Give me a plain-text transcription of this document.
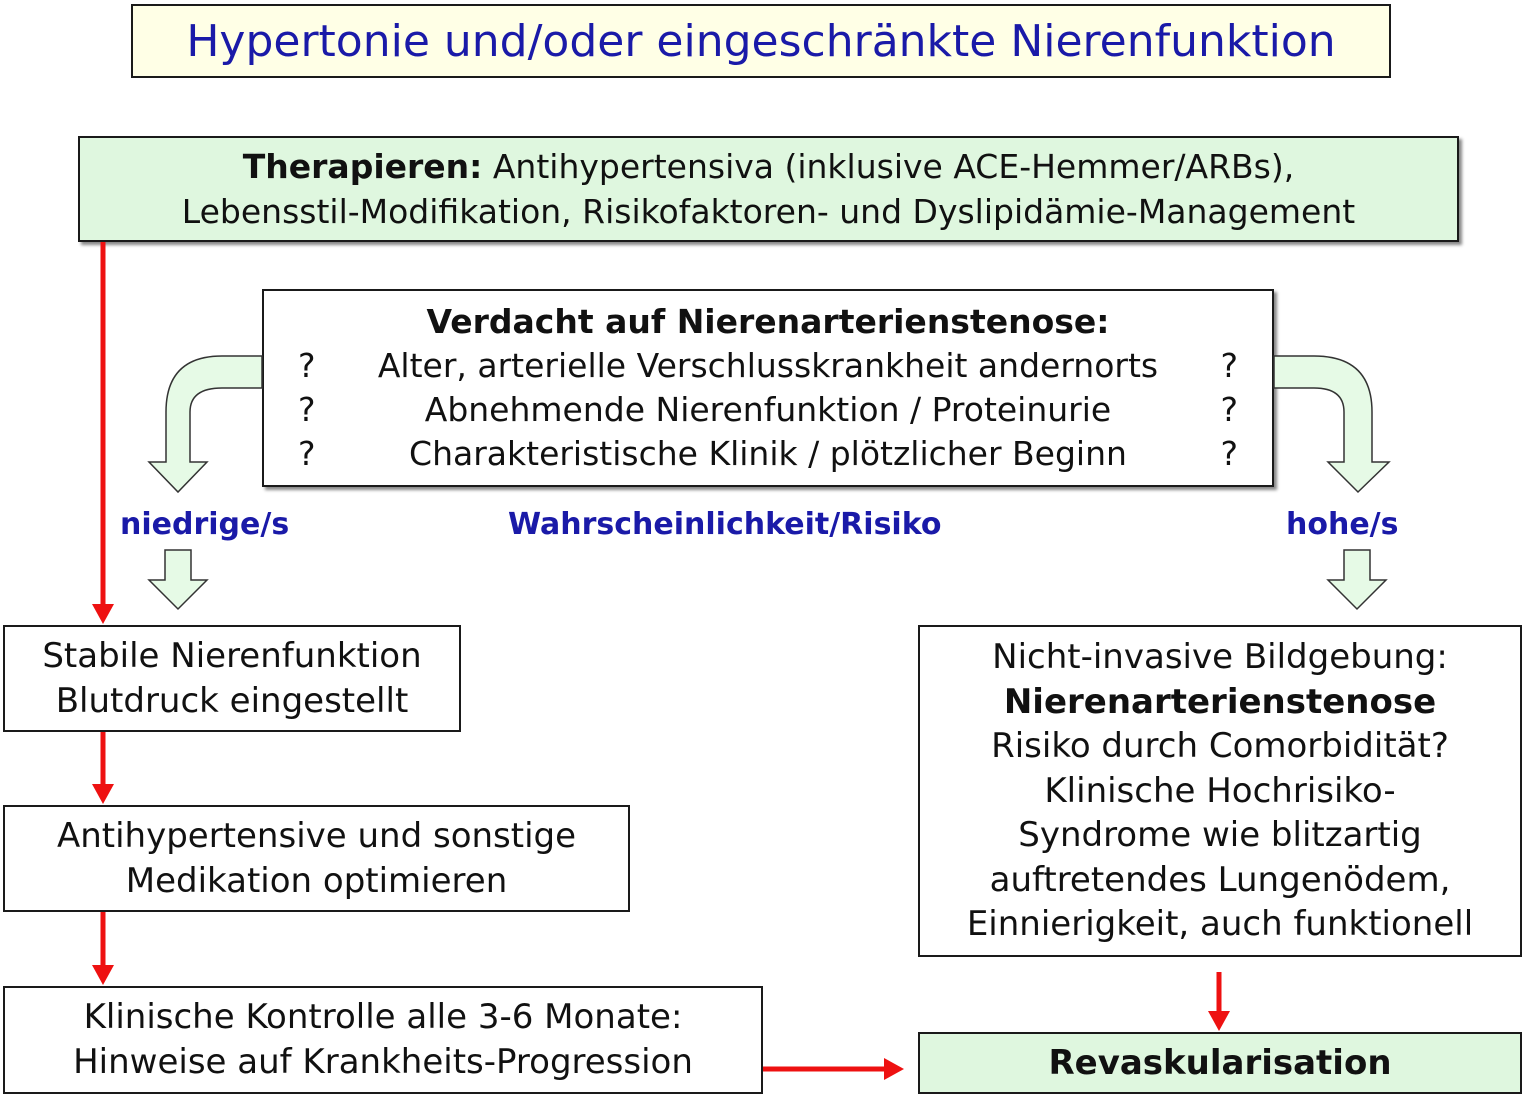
Hypertonie und/oder eingeschränkte Nierenfunktion
Therapieren: Antihypertensiva (inklusive ACE-Hemmer/ARBs),
Lebensstil-Modifikation, Risikofaktoren- und Dyslipidämie-Management
Verdacht auf Nierenarterienstenose:
? Alter, arterielle Verschlusskrankheit andernorts ?
?	Abnehmende Nierenfunktion / Proteinurie	?
?	Charakteristische Klinik / plötzlicher Beginn	?
niedrige/s	Wahrscheinlichkeit/Risiko	hohe/s
Stabile Nierenfunktion
Blutdruck eingestellt
Antihypertensive und sonstige
Medikation optimieren
Klinische Kontrolle alle 3-6 Monate:
Hinweise auf Krankheits-Progression
Nicht-invasive Bildgebung:
Nierenarterienstenose
Risiko durch Comorbidität?
Klinische Hochrisiko-
Syndrome wie blitzartig
auftretendes Lungenödem,
Einnierigkeit, auch funktionell
Revaskularisation
